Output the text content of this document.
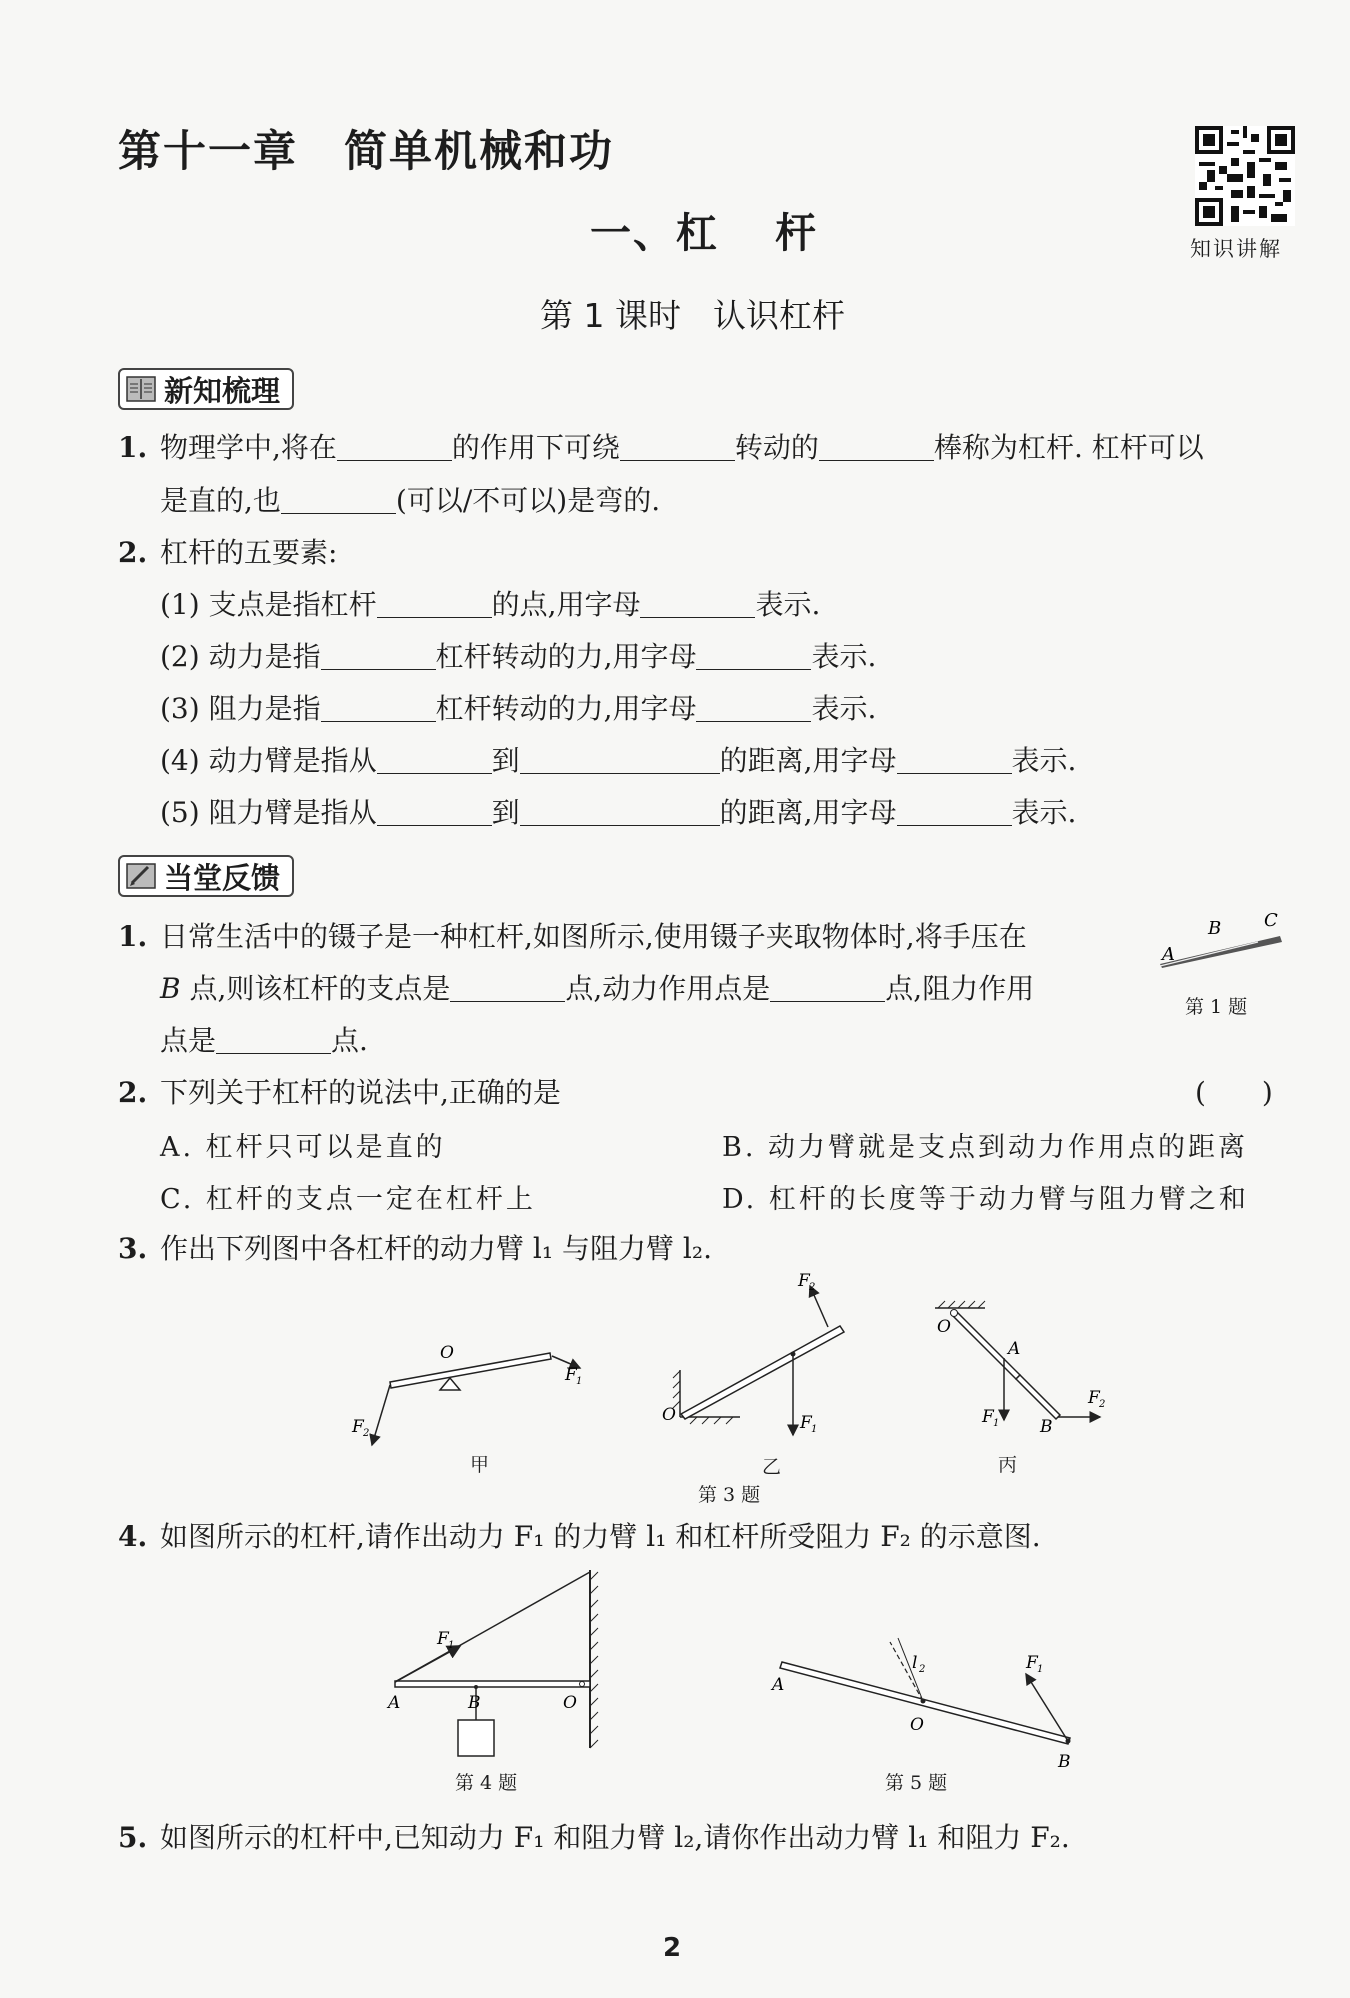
第十一章 简单机械和功
一、杠 杆
第 1 课时 认识杠杆
知识讲解
新知梳理
1. 物理学中,将在	的作用下可绕	转动的	棒称为杠杆. 杠杆可以
是直的,也	(可以/不可以)是弯的.
2. 杠杆的五要素:
(1) 支点是指杠杆	的点,用字母	表示.
(2) 动力是指	杠杆转动的力,用字母	表示.
(3) 阻力是指	杠杆转动的力,用字母	表示.
(4) 动力臂是指从	到	的距离,用字母	表示.
(5) 阻力臂是指从	到	的距离,用字母	表示.
当堂反馈
1. 日常生活中的镊子是一种杠杆,如图所示,使用镊子夹取物体时,将手压在
B 点,则该杠杆的支点是	点,动力作用点是	点,阻力作用
点是	点.
A
B C
第 1 题
2. 下列关于杠杆的说法中,正确的是	(　　)
A. 杠杆只可以是直的	B. 动力臂就是支点到动力作用点的距离
C. 杠杆的支点一定在杠杆上	D. 杠杆的长度等于动力臂与阻力臂之和
3. 作出下列图中各杠杆的动力臂 l₁ 与阻力臂 l₂.
O
F 1
F 2
O
F 2
F 1
O
A
B
F 1
F 2
甲	乙	丙
第 3 题
4. 如图所示的杠杆,请作出动力 F₁ 的力臂 l₁ 和杠杆所受阻力 F₂ 的示意图.
F 1
A	B	O
第 4 题
A
O
B
l 2	F 1
第 5 题
5. 如图所示的杠杆中,已知动力 F₁ 和阻力臂 l₂,请你作出动力臂 l₁ 和阻力 F₂.
2
